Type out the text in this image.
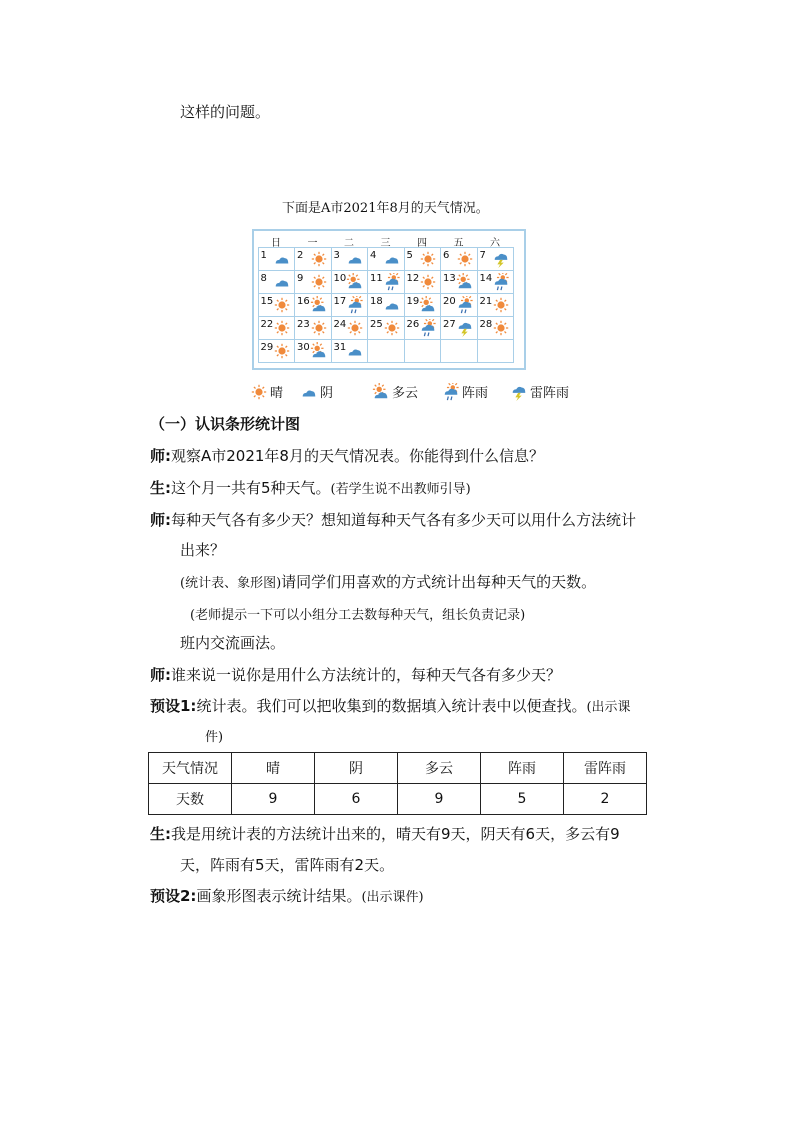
这样的问题。
下面是A市2021年8月的天气情况。
日	一	二	三	四	五	六
1	2	3	4	5	6	7
8	9	10 11 12 13 14
15 16 17 18 19 20 21
22 23 24 25 26 27 28
29 30 31
晴	阴	多云	阵雨	雷阵雨
（一）认识条形统计图
师:观察A市2021年8月的天气情况表。你能得到什么信息？
生:这个月一共有5种天气。(若学生说不出教师引导)
师:每种天气各有多少天？想知道每种天气各有多少天可以用什么方法统计
出来？
(统计表、象形图)请同学们用喜欢的方式统计出每种天气的天数。
(老师提示一下可以小组分工去数每种天气，组长负责记录)
班内交流画法。
师:谁来说一说你是用什么方法统计的，每种天气各有多少天？
预设1:统计表。我们可以把收集到的数据填入统计表中以便查找。(出示课
件)
天气情况	晴	阴	多云	阵雨	雷阵雨
天数	9	6	9	5	2
生:我是用统计表的方法统计出来的，晴天有9天，阴天有6天，多云有9
天，阵雨有5天，雷阵雨有2天。
预设2:画象形图表示统计结果。(出示课件)
